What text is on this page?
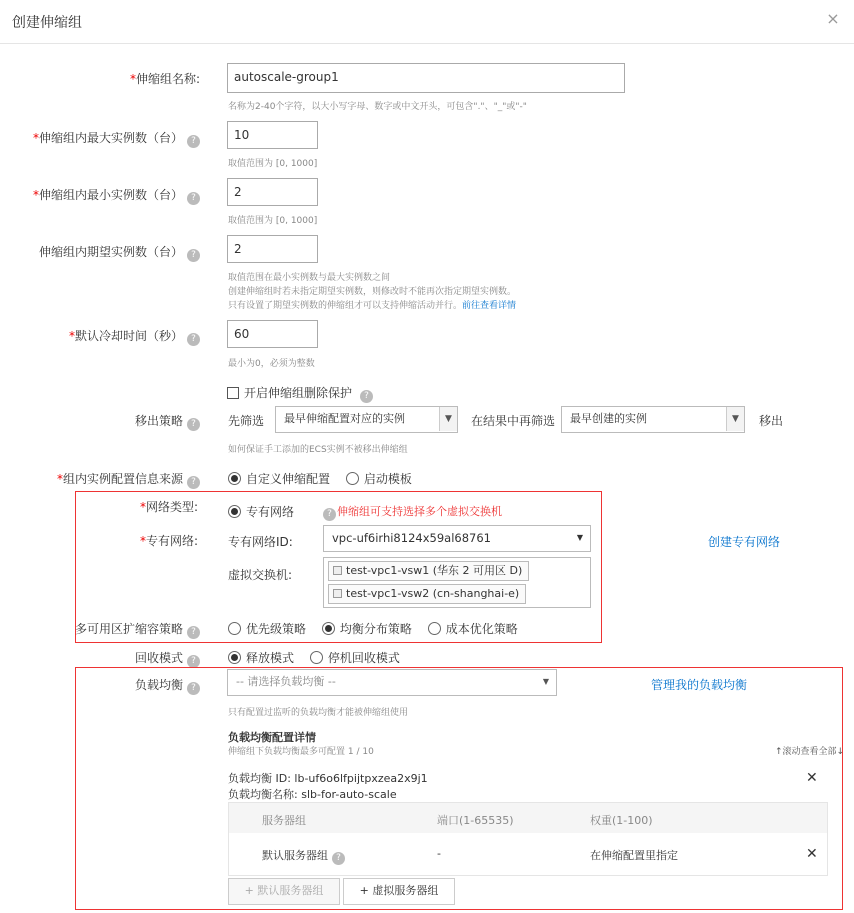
创建伸缩组	×
*伸缩组名称:	autoscale-group1
名称为2-40个字符，以大小写字母、数字或中文开头，可包含"."、"_"或"-"
*伸缩组内最大实例数（台） ?	10
取值范围为 [0, 1000]
*伸缩组内最小实例数（台） ?	2
取值范围为 [0, 1000]
伸缩组内期望实例数（台） ?	2
取值范围在最小实例数与最大实例数之间
创建伸缩组时若未指定期望实例数，则修改时不能再次指定期望实例数。
只有设置了期望实例数的伸缩组才可以支持伸缩活动并行。前往查看详情
*默认冷却时间（秒） ?	60
最小为0，必须为整数
开启伸缩组删除保护 ?
移出策略 ?	先筛选	最早伸缩配置对应的实例	▼	在结果中再筛选	最早创建的实例	▼	移出
如何保证手工添加的ECS实例不被移出伸缩组
*组内实例配置信息来源 ?	自定义伸缩配置	启动模板
*网络类型:	专有网络	? 伸缩组可支持选择多个虚拟交换机
*专有网络:	专有网络ID:	vpc-uf6irhi8124x59al68761	▼	创建专有网络
虚拟交换机:	test-vpc1-vsw1 (华东 2 可用区 D)
test-vpc1-vsw2 (cn-shanghai-e)
多可用区扩缩容策略 ?	优先级策略	均衡分布策略	成本优化策略
回收模式 ?	释放模式	停机回收模式
负载均衡 ?	-- 请选择负载均衡 --	▼	管理我的负载均衡
只有配置过监听的负载均衡才能被伸缩组使用
负载均衡配置详情
伸缩组下负载均衡最多可配置 1 / 10	↑滚动查看全部↓
负载均衡 ID: lb-uf6o6lfpijtpxzea2x9j1
负载均衡名称: slb-for-auto-scale
✕
服务器组	端口(1-65535)	权重(1-100)
默认服务器组 ?	-	在伸缩配置里指定	✕
+ 默认服务器组	+ 虚拟服务器组
